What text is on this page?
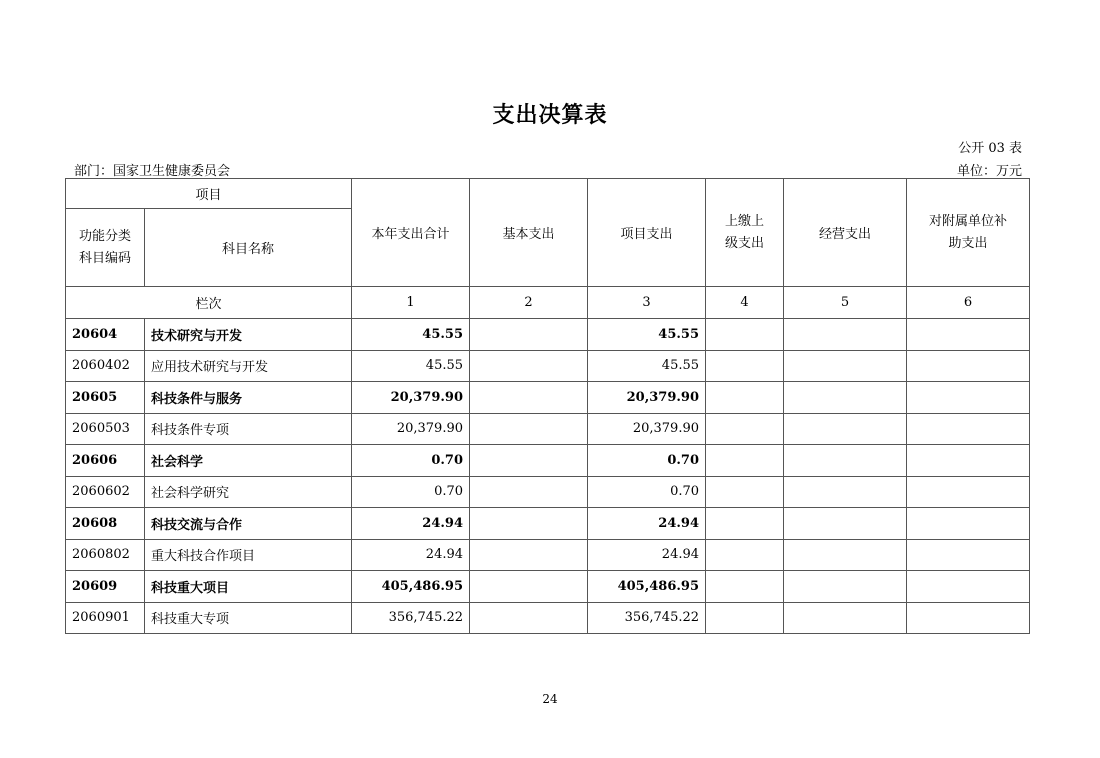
支出决算表
公开 03 表
部门：国家卫生健康委员会	单位：万元
项目		本年支出合计	基本支出	项目支出	上缴上级支出	经营支出	对附属单位补助支出
功能分类科目编码	科目名称						
栏次		1	2	3	4	5	6
20604	技术研究与开发	45.55		45.55			
2060402	应用技术研究与开发	45.55		45.55			
20605	科技条件与服务	20,379.90		20,379.90			
2060503	科技条件专项	20,379.90		20,379.90			
20606	社会科学	0.70		0.70			
2060602	社会科学研究	0.70		0.70			
20608	科技交流与合作	24.94		24.94			
2060802	重大科技合作项目	24.94		24.94			
20609	科技重大项目	405,486.95		405,486.95			
2060901	科技重大专项	356,745.22		356,745.22			
24
